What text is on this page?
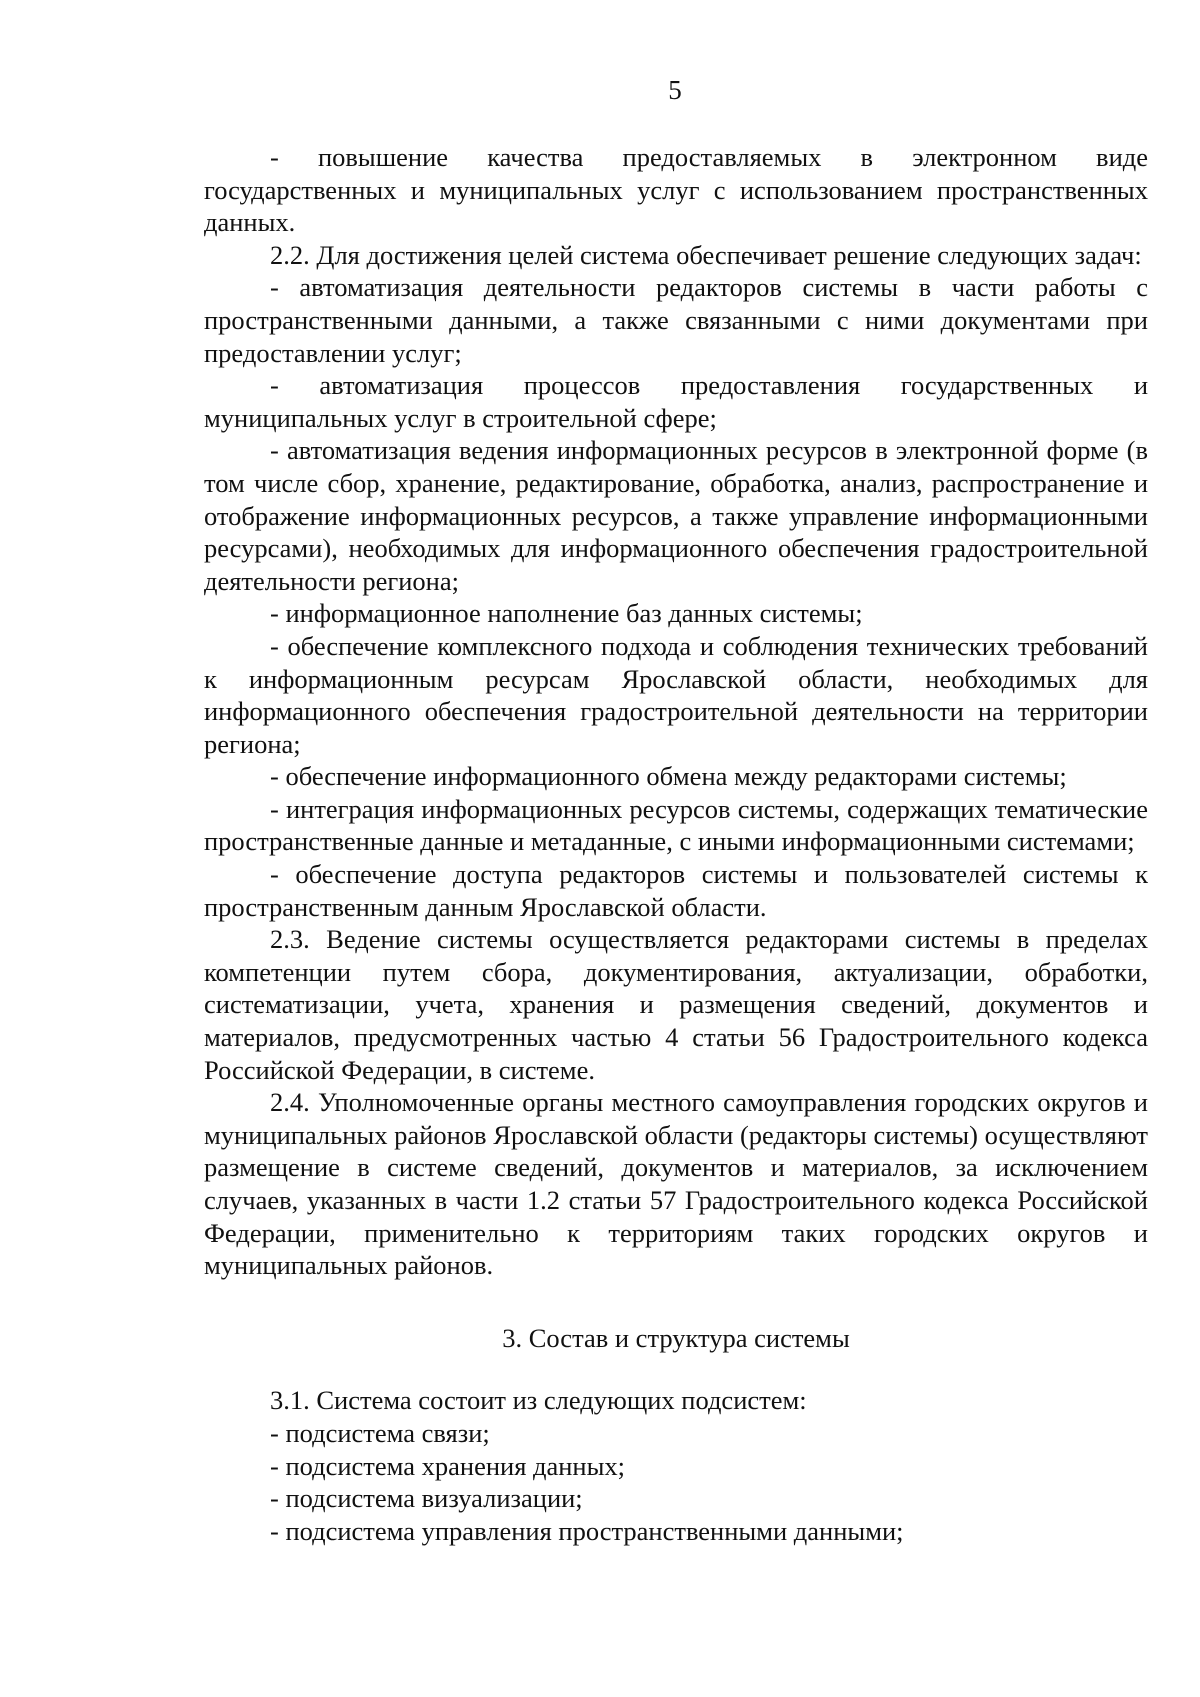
5

- повышение качества предоставляемых в электронном виде государственных и муниципальных услуг с использованием пространственных данных.

2.2. Для достижения целей система обеспечивает решение следующих задач:

- автоматизация деятельности редакторов системы в части работы с пространственными данными, а также связанными с ними документами при предоставлении услуг;

- автоматизация процессов предоставления государственных и муниципальных услуг в строительной сфере;

- автоматизация ведения информационных ресурсов в электронной форме (в том числе сбор, хранение, редактирование, обработка, анализ, распространение и отображение информационных ресурсов, а также управление информационными ресурсами), необходимых для информационного обеспечения градостроительной деятельности региона;

- информационное наполнение баз данных системы;

- обеспечение комплексного подхода и соблюдения технических требований к информационным ресурсам Ярославской области, необходимых для информационного обеспечения градостроительной деятельности на территории региона;

- обеспечение информационного обмена между редакторами системы;

- интеграция информационных ресурсов системы, содержащих тематические пространственные данные и метаданные, с иными информационными системами;

- обеспечение доступа редакторов системы и пользователей системы к пространственным данным Ярославской области.

2.3. Ведение системы осуществляется редакторами системы в пределах компетенции путем сбора, документирования, актуализации, обработки, систематизации, учета, хранения и размещения сведений, документов и материалов, предусмотренных частью 4 статьи 56 Градостроительного кодекса Российской Федерации, в системе.

2.4. Уполномоченные органы местного самоуправления городских округов и муниципальных районов Ярославской области (редакторы системы) осуществляют размещение в системе сведений, документов и материалов, за исключением случаев, указанных в части 1.2 статьи 57 Градостроительного кодекса Российской Федерации, применительно к территориям таких городских округов и муниципальных районов.

3. Состав и структура системы

3.1. Система состоит из следующих подсистем:

- подсистема связи;

- подсистема хранения данных;

- подсистема визуализации;

- подсистема управления пространственными данными;
